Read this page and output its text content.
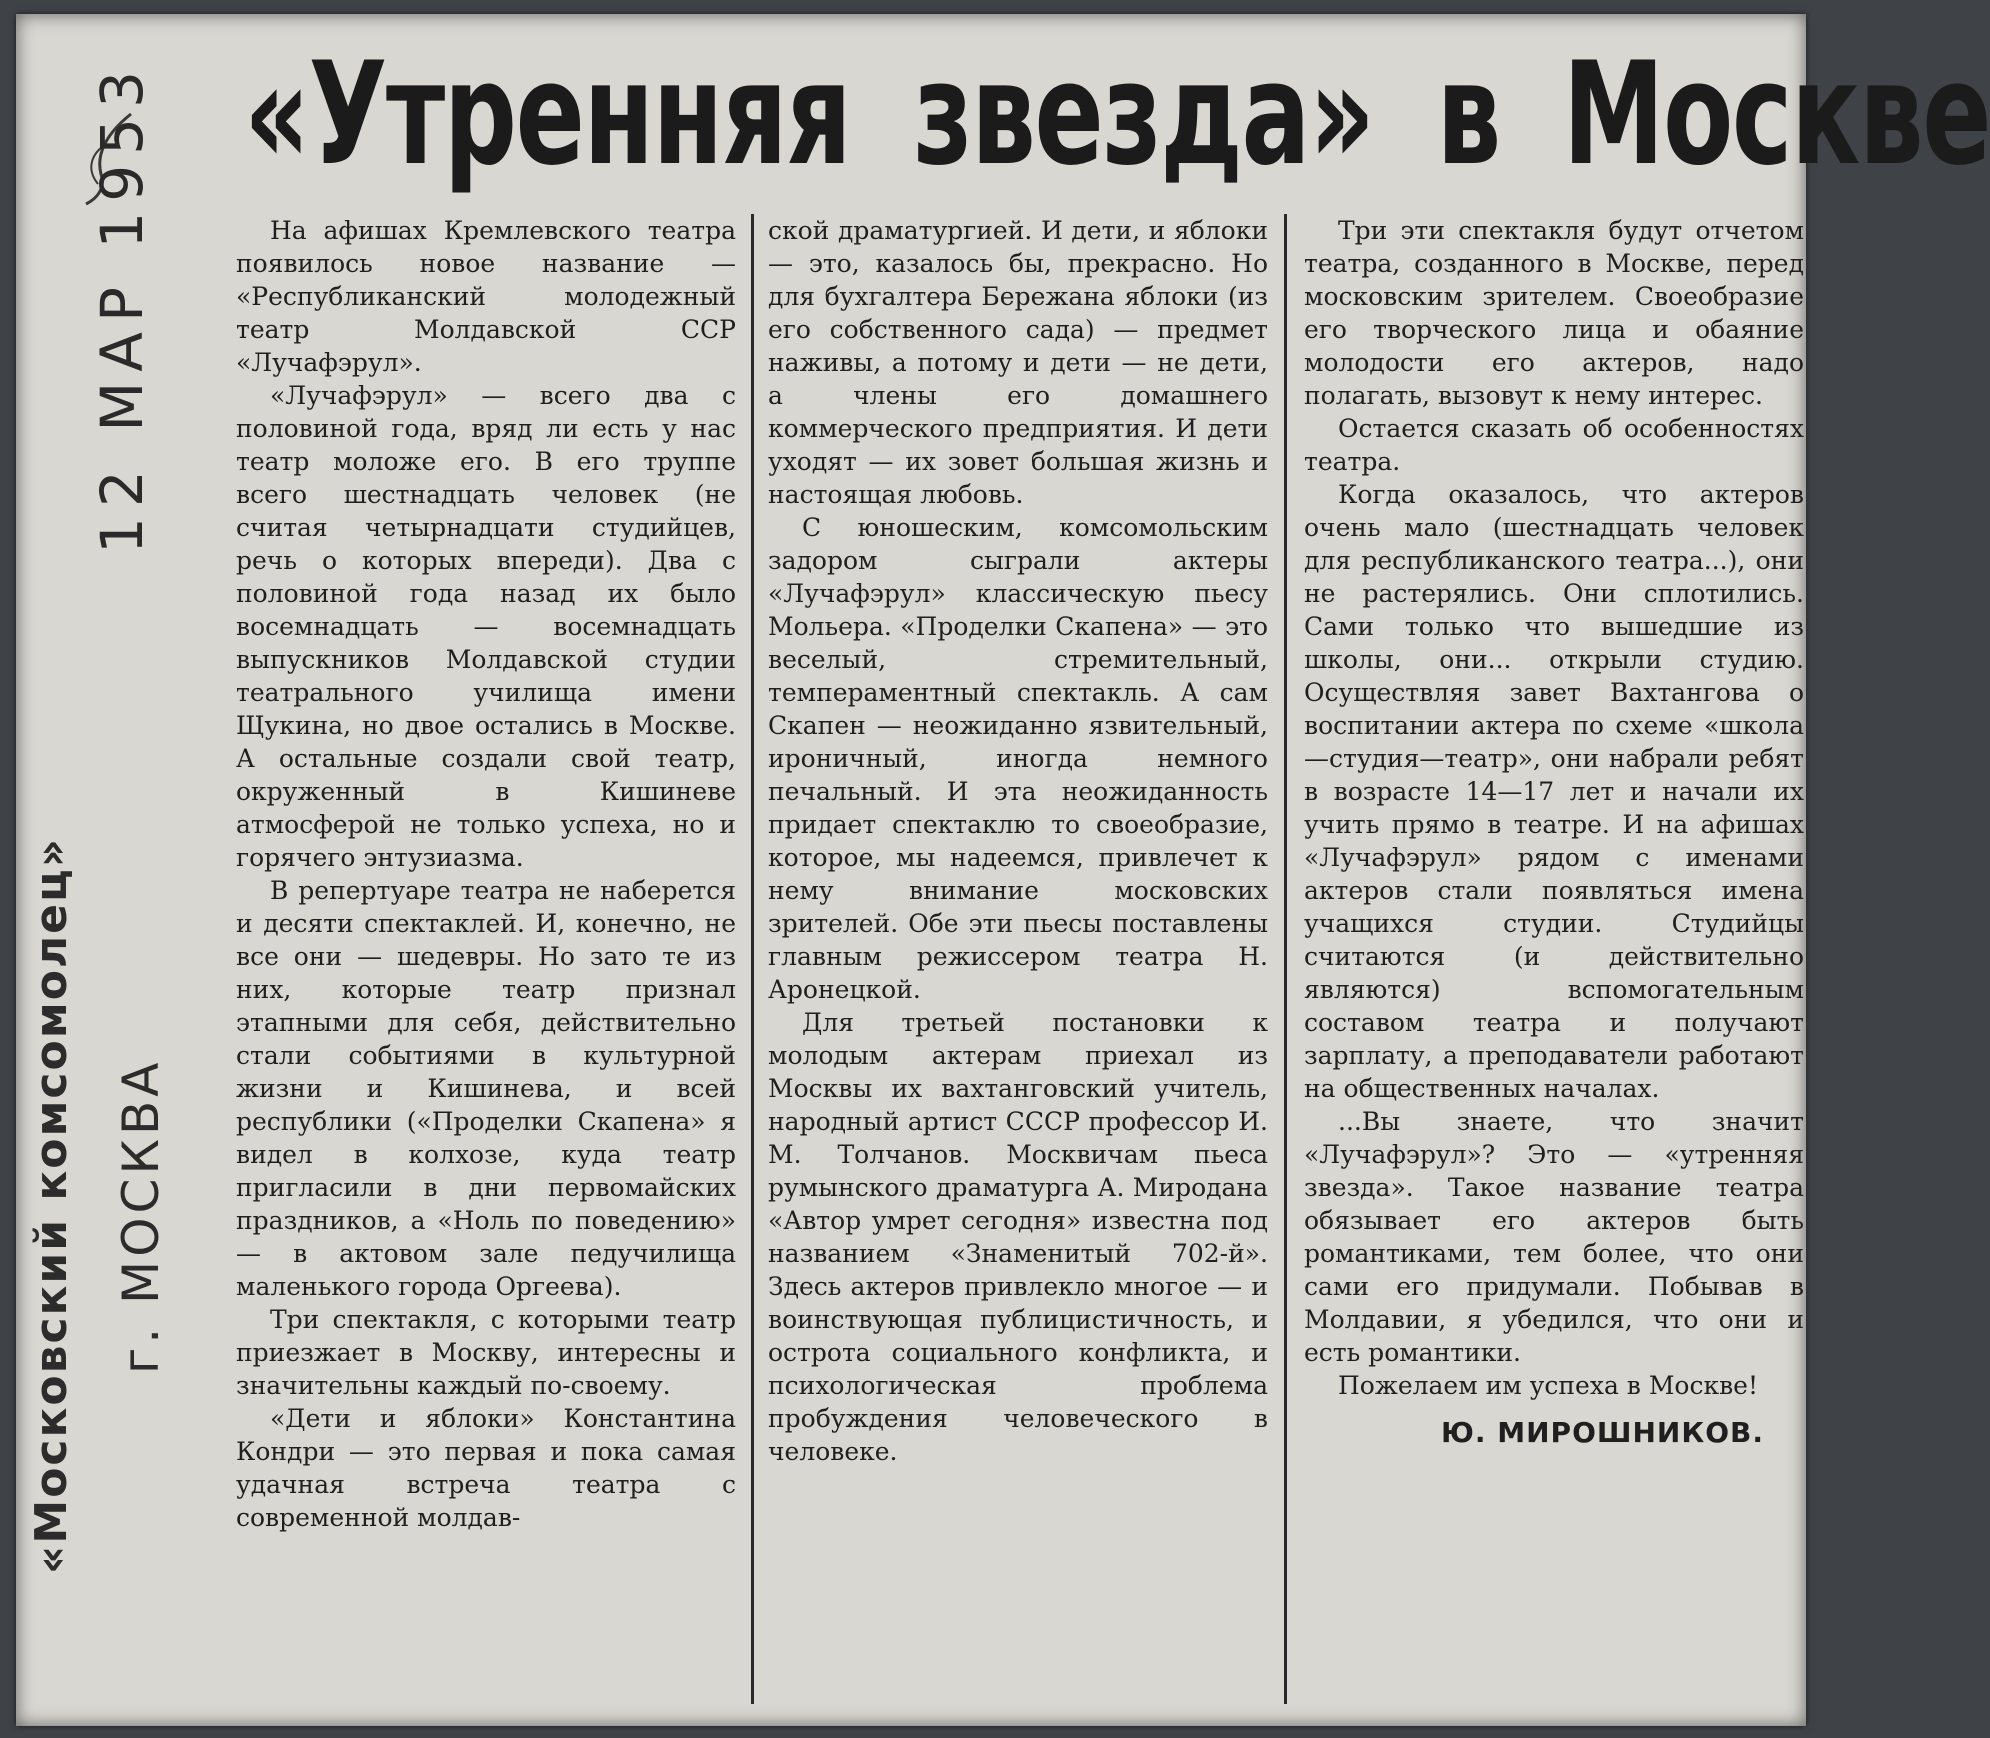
«Утренняя звезда» в Москве
12 МАР 1953
«Московский комсомолец» г. МОСКВА

На афишах Кремлевского театра появилось новое название — «Республиканский молодежный театр Молдавской ССР «Лучафэрул».

«Лучафэрул» — всего два с половиной года, вряд ли есть у нас театр моложе его. В его труппе всего шестнадцать человек (не считая четырнадцати студийцев, речь о которых впереди). Два с половиной года назад их было восемнадцать — восемнадцать выпускников Молдавской студии театрального училища имени Щукина, но двое остались в Москве. А остальные создали свой театр, окруженный в Кишиневе атмосферой не только успеха, но и горячего энтузиазма.

В репертуаре театра не наберется и десяти спектаклей. И, конечно, не все они — шедевры. Но зато те из них, которые театр признал этапными для себя, действительно стали событиями в культурной жизни и Кишинева, и всей республики («Проделки Скапена» я видел в колхозе, куда театр пригласили в дни первомайских праздников, а «Ноль по поведению» — в актовом зале педучилища маленького города Оргеева).

Три спектакля, с которыми театр приезжает в Москву, интересны и значительны каждый по-своему.

«Дети и яблоки» Константина Кондри — это первая и пока самая удачная встреча театра с современной молдав-

ской драматургией. И дети, и яблоки — это, казалось бы, прекрасно. Но для бухгалтера Бережана яблоки (из его собственного сада) — предмет наживы, а потому и дети — не дети, а члены его домашнего коммерческого предприятия. И дети уходят — их зовет большая жизнь и настоящая любовь.

С юношеским, комсомольским задором сыграли актеры «Лучафэрул» классическую пьесу Мольера. «Проделки Скапена» — это веселый, стремительный, темпераментный спектакль. А сам Скапен — неожиданно язвительный, ироничный, иногда немного печальный. И эта неожиданность придает спектаклю то своеобразие, которое, мы надеемся, привлечет к нему внимание московских зрителей. Обе эти пьесы поставлены главным режиссером театра Н. Аронецкой.

Для третьей постановки к молодым актерам приехал из Москвы их вахтанговский учитель, народный артист СССР профессор И. М. Толчанов. Москвичам пьеса румынского драматурга А. Миродана «Автор умрет сегодня» известна под названием «Знаменитый 702-й». Здесь актеров привлекло многое — и воинствующая публицистичность, и острота социального конфликта, и психологическая проблема пробуждения человеческого в человеке.

Три эти спектакля будут отчетом театра, созданного в Москве, перед московским зрителем. Своеобразие его творческого лица и обаяние молодости его актеров, надо полагать, вызовут к нему интерес.

Остается сказать об особенностях театра.

Когда оказалось, что актеров очень мало (шестнадцать человек для республиканского театра...), они не растерялись. Они сплотились. Сами только что вышедшие из школы, они... открыли студию. Осуществляя завет Вахтангова о воспитании актера по схеме «школа—студия—театр», они набрали ребят в возрасте 14—17 лет и начали их учить прямо в театре. И на афишах «Лучафэрул» рядом с именами актеров стали появляться имена учащихся студии. Студийцы считаются (и действительно являются) вспомогательным составом театра и получают зарплату, а преподаватели работают на общественных началах.

...Вы знаете, что значит «Лучафэрул»? Это — «утренняя звезда». Такое название театра обязывает его актеров быть романтиками, тем более, что они сами его придумали. Побывав в Молдавии, я убедился, что они и есть романтики.

Пожелаем им успеха в Москве!

Ю. МИРОШНИКОВ.
